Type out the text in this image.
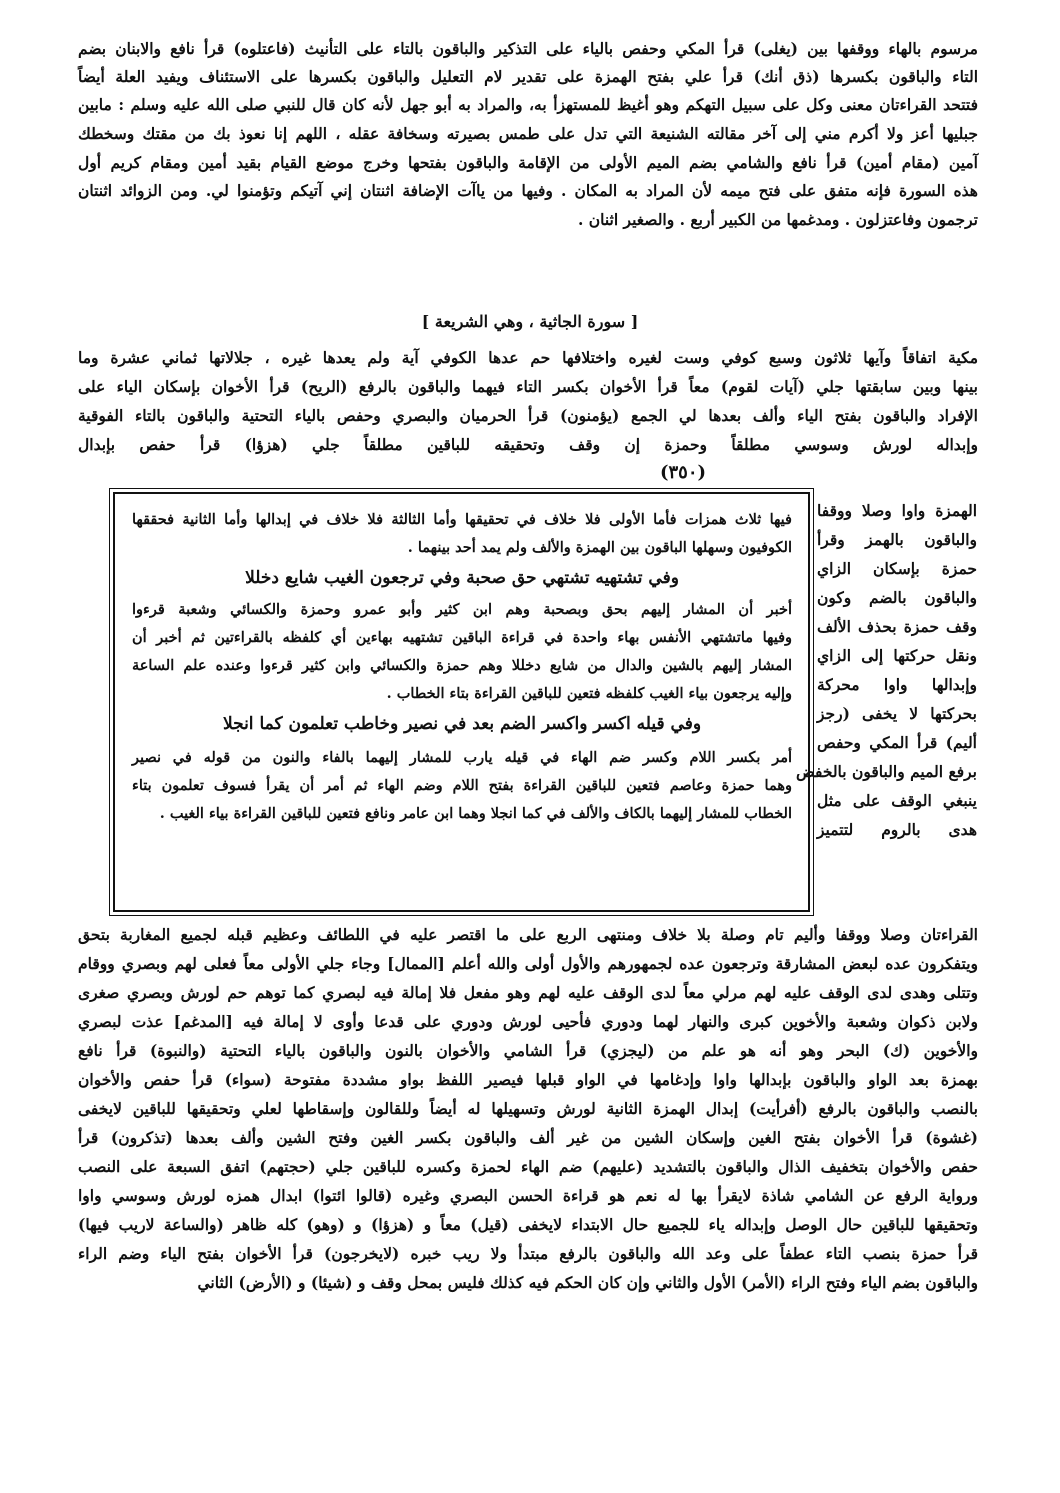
مرسوم بالهاء ووقفها بين (يغلى) قرأ المكي وحفص بالياء على التذكير والباقون بالتاء على التأنيث (فاعتلوه) قرأ نافع والابنان بضم
التاء والباقون بكسرها (ذق أنك) قرأ علي بفتح الهمزة على تقدير لام التعليل والباقون بكسرها على الاستئناف ويفيد العلة أيضاً
فتتحد القراءتان معنى وكل على سبيل التهكم وهو أغيظ للمستهزأ به، والمراد به أبو جهل لأنه كان قال للنبي صلى الله عليه وسلم : مابين
جبليها أعز ولا أكرم مني إلى آخر مقالته الشنيعة التي تدل على طمس بصيرته وسخافة عقله ، اللهم إنا نعوذ بك من مقتك وسخطك
آمين (مقام أمين) قرأ نافع والشامي بضم الميم الأولى من الإقامة والباقون بفتحها وخرج موضع القيام بقيد أمين ومقام كريم أول
هذه السورة فإنه متفق على فتح ميمه لأن المراد به المكان . وفيها من ياآت الإضافة اثنتان إني آتيكم وتؤمنوا لي. ومن الزوائد اثنتان
ترجمون وفاعتزلون . ومدغمها من الكبير أربع . والصغير اثنان .
[ سورة الجاثية ، وهي الشريعة ]
مكية اتفاقاً وآيها ثلاثون وسبع كوفي وست لغيره واختلافها حم عدها الكوفي آية ولم يعدها غيره ، جلالاتها ثماني عشرة وما
بينها وبين سابقتها جلي (آيات لقوم) معاً قرأ الأخوان بكسر التاء فيهما والباقون بالرفع (الريح) قرأ الأخوان بإسكان الياء على
الإفراد والباقون بفتح الياء وألف بعدها لي الجمع (يؤمنون) قرأ الحرميان والبصري وحفص بالياء التحتية والباقون بالتاء الفوقية
وإبداله لورش وسوسي مطلقاً وحمزة إن وقف وتحقيقه للباقين مطلقاً جلي (هزؤا) قرأ حفص بإبدال
(٣٥٠)
الهمزة واوا وصلا ووقفا
والباقون بالهمز وقرأ
حمزة بإسكان الزاي
والباقون بالضم وكون
وقف حمزة بحذف الألف
ونقل حركتها إلى الزاي
وإبدالها واوا محركة
بحركتها لا يخفى (رجز
أليم) قرأ المكي وحفص
برفع الميم والباقون بالخفض
ينبغي الوقف على مثل
هدى بالروم لتتميز
فيها ثلاث همزات فأما الأولى فلا خلاف في تحقيقها وأما الثالثة فلا خلاف في إبدالها وأما الثانية فحققها
الكوفيون وسهلها الباقون بين الهمزة والألف ولم يمد أحد بينهما .
وفي تشتهيه تشتهي حق صحبة وفي ترجعون الغيب شايع دخللا
أخبر أن المشار إليهم بحق وبصحبة وهم ابن كثير وأبو عمرو وحمزة والكسائي وشعبة قرءوا
وفيها ماتشتهي الأنفس بهاء واحدة في قراءة الباقين تشتهيه بهاءين أي كلفظه بالقراءتين ثم أخبر أن
المشار إليهم بالشين والدال من شايع دخللا وهم حمزة والكسائي وابن كثير قرءوا وعنده علم الساعة
وإليه يرجعون بياء الغيب كلفظه فتعين للباقين القراءة بتاء الخطاب .
وفي قيله اكسر واكسر الضم بعد في نصير وخاطب تعلمون كما انجلا
أمر بكسر اللام وكسر ضم الهاء في قيله يارب للمشار إليهما بالفاء والنون من قوله في نصير
وهما حمزة وعاصم فتعين للباقين القراءة بفتح اللام وضم الهاء ثم أمر أن يقرأ فسوف تعلمون بتاء
الخطاب للمشار إليهما بالكاف والألف في كما انجلا وهما ابن عامر ونافع فتعين للباقين القراءة بياء الغيب .
القراءتان وصلا ووقفا وأليم تام وصلة بلا خلاف ومنتهى الربع على ما اقتصر عليه في اللطائف وعظيم قبله لجميع المغاربة بتحق
ويتفكرون عده لبعض المشارقة وترجعون عده لجمهورهم والأول أولى والله أعلم [الممال] وجاء جلي الأولى معاً فعلى لهم وبصري ووقام
وتتلى وهدى لدى الوقف عليه لهم مرلي معاً لدى الوقف عليه لهم وهو مفعل فلا إمالة فيه لبصري كما توهم حم لورش وبصري صغرى
ولابن ذكوان وشعبة والأخوين كبرى والنهار لهما ودوري فأحيى لورش ودوري على قدعا وأوى لا إمالة فيه [المدغم] عذت لبصري
والأخوين (ك) البحر وهو أنه هو علم من (ليجزي) قرأ الشامي والأخوان بالنون والباقون بالياء التحتية (والنبوة) قرأ نافع
بهمزة بعد الواو والباقون بإبدالها واوا وإدغامها في الواو قبلها فيصير اللفظ بواو مشددة مفتوحة (سواء) قرأ حفص والأخوان
بالنصب والباقون بالرفع (أفرأيت) إبدال الهمزة الثانية لورش وتسهيلها له أيضاً وللقالون وإسقاطها لعلي وتحقيقها للباقين لايخفى
(غشوة) قرأ الأخوان بفتح الغين وإسكان الشين من غير ألف والباقون بكسر الغين وفتح الشين وألف بعدها (تذكرون) قرأ
حفص والأخوان بتخفيف الذال والباقون بالتشديد (عليهم) ضم الهاء لحمزة وكسره للباقين جلي (حجتهم) اتفق السبعة على النصب
ورواية الرفع عن الشامي شاذة لايقرأ بها له نعم هو قراءة الحسن البصري وغيره (قالوا ائتوا) ابدال همزه لورش وسوسي واوا
وتحقيقها للباقين حال الوصل وإبداله ياء للجميع حال الابتداء لايخفى (قيل) معاً و (هزؤا) و (وهو) كله ظاهر (والساعة لاريب فيها)
قرأ حمزة بنصب التاء عطفاً على وعد الله والباقون بالرفع مبتدأ ولا ريب خبره (لايخرجون) قرأ الأخوان بفتح الياء وضم الراء
والباقون بضم الياء وفتح الراء (الأمر) الأول والثاني وإن كان الحكم فيه كذلك فليس بمحل وقف و (شيئا) و (الأرض) الثاني
